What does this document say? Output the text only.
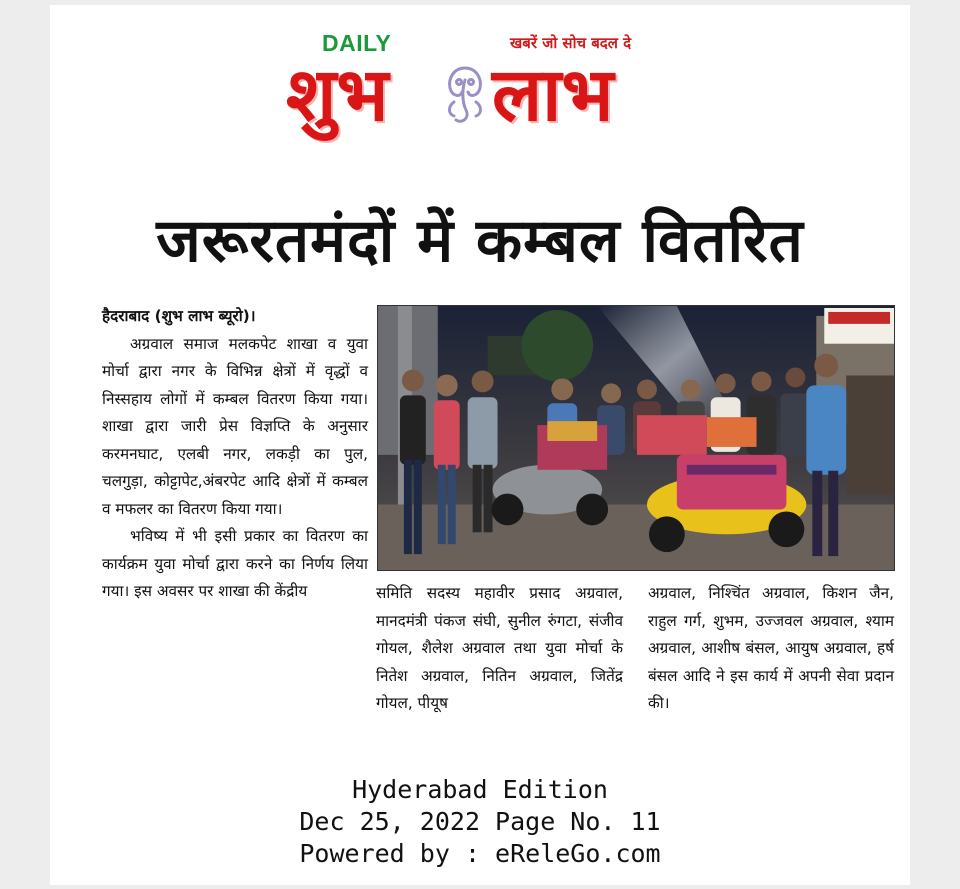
DAILY	खबरें जो सोच बदल दे
शुभ लाभ
जरूरतमंदों में कम्बल वितरित

हैदराबाद (शुभ लाभ ब्यूरो)।

अग्रवाल समाज मलकपेट शाखा व युवा मोर्चा द्वारा नगर के विभिन्न क्षेत्रों में वृद्धों व निस्सहाय लोगों में कम्बल वितरण किया गया। शाखा द्वारा जारी प्रेस विज्ञप्ति के अनुसार करमनघाट, एलबी नगर, लकड़ी का पुल, चलगुड़ा, कोट्टापेट,अंबरपेट आदि क्षेत्रों में कम्बल व मफलर का वितरण किया गया।

भविष्य में भी इसी प्रकार का वितरण का कार्यक्रम युवा मोर्चा द्वारा करने का निर्णय लिया गया। इस अवसर पर शाखा की केंद्रीय	समिति सदस्य महावीर प्रसाद अग्रवाल, मानदमंत्री पंकज संघी, सुनील रुंगटा, संजीव गोयल, शैलेश अग्रवाल तथा युवा मोर्चा के नितेश अग्रवाल, नितिन अग्रवाल, जितेंद्र गोयल, पीयूष

अग्रवाल, निश्चिंत अग्रवाल, किशन जैन, राहुल गर्ग, शुभम, उज्जवल अग्रवाल, श्याम अग्रवाल, आशीष बंसल, आयुष अग्रवाल, हर्ष बंसल आदि ने इस कार्य में अपनी सेवा प्रदान की।

Hyderabad Edition
Dec 25, 2022 Page No. 11
Powered by : eReleGo.com
